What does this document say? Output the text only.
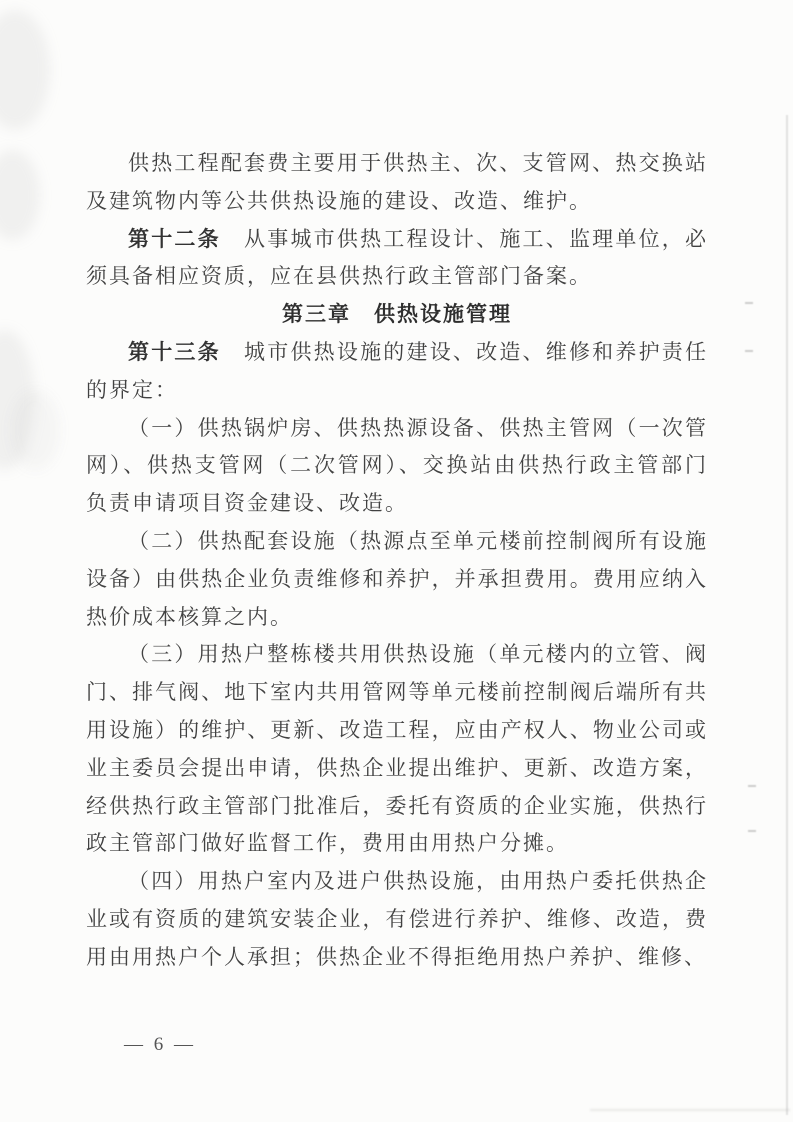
供热工程配套费主要用于供热主、次、支管网、热交换站及建筑物内等公共供热设施的建设、改造、维护。

第十二条　从事城市供热工程设计、施工、监理单位，必须具备相应资质，应在县供热行政主管部门备案。

第三章　供热设施管理

第十三条　城市供热设施的建设、改造、维修和养护责任的界定：

（一）供热锅炉房、供热热源设备、供热主管网（一次管网）、供热支管网（二次管网）、交换站由供热行政主管部门负责申请项目资金建设、改造。

（二）供热配套设施（热源点至单元楼前控制阀所有设施设备）由供热企业负责维修和养护，并承担费用。费用应纳入热价成本核算之内。

（三）用热户整栋楼共用供热设施（单元楼内的立管、阀门、排气阀、地下室内共用管网等单元楼前控制阀后端所有共用设施）的维护、更新、改造工程，应由产权人、物业公司或业主委员会提出申请，供热企业提出维护、更新、改造方案，经供热行政主管部门批准后，委托有资质的企业实施，供热行政主管部门做好监督工作，费用由用热户分摊。

（四）用热户室内及进户供热设施，由用热户委托供热企业或有资质的建筑安装企业，有偿进行养护、维修、改造，费用由用热户个人承担；供热企业不得拒绝用热户养护、维修、

— 6 —
